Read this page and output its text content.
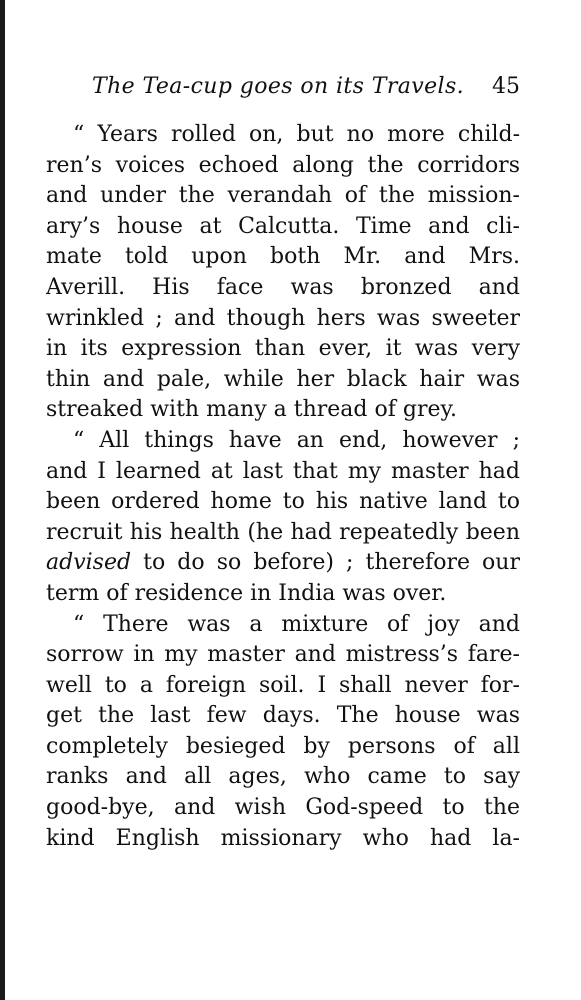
The Tea-cup goes on its Travels. 45
“ Years rolled on, but no more child-
ren’s voices echoed along the corridors
and under the verandah of the mission-
ary’s house at Calcutta. Time and cli-
mate told upon both Mr. and Mrs.
Averill. His face was bronzed and
wrinkled ; and though hers was sweeter
in its expression than ever, it was very
thin and pale, while her black hair was
streaked with many a thread of grey.
“ All things have an end, however ;
and I learned at last that my master had
been ordered home to his native land to
recruit his health (he had repeatedly been
advised to do so before) ; therefore our
term of residence in India was over.
“ There was a mixture of joy and
sorrow in my master and mistress’s fare-
well to a foreign soil. I shall never for-
get the last few days. The house was
completely besieged by persons of all
ranks and all ages, who came to say
good-bye, and wish God-speed to the
kind English missionary who had la-
